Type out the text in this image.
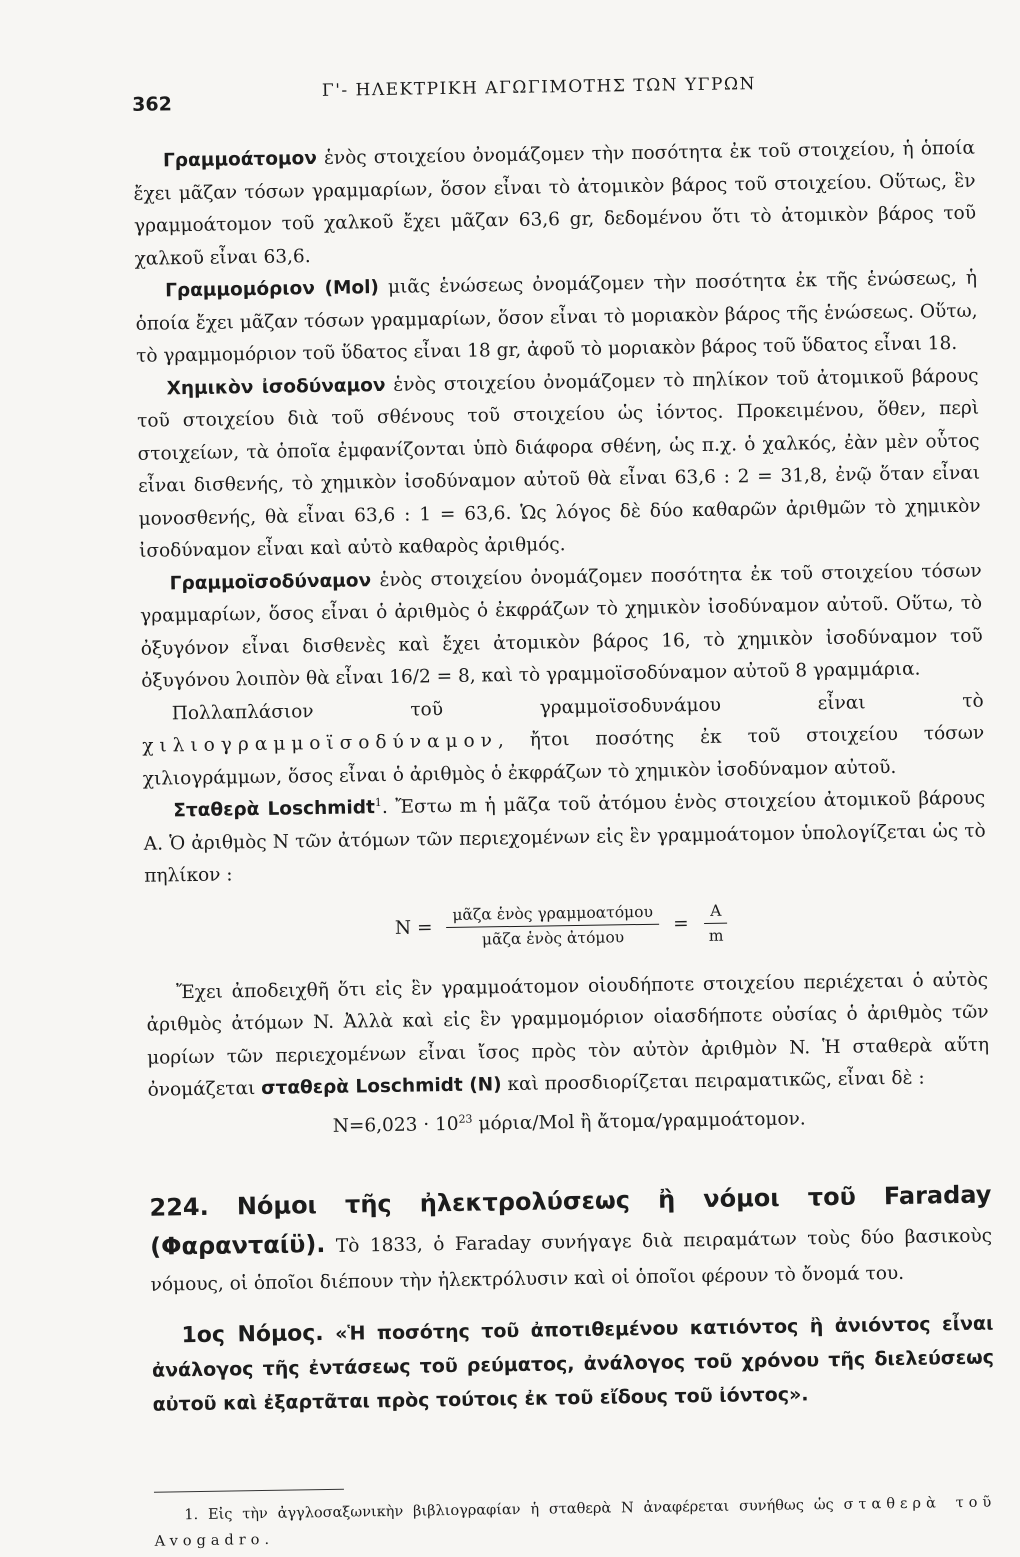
362
Γ'- ΗΛΕΚΤΡΙΚΗ ΑΓΩΓΙΜΟΤΗΣ ΤΩΝ ΥΓΡΩΝ

Γραμμοάτομον ἑνὸς στοιχείου ὀνομάζομεν τὴν ποσότητα ἐκ τοῦ στοιχείου, ἡ ὁποία ἔχει μᾶζαν τόσων γραμμαρίων, ὅσον εἶναι τὸ ἀτομικὸν βάρος τοῦ στοιχείου. Οὕτως, ἓν γραμμοάτομον τοῦ χαλκοῦ ἔχει μᾶζαν 63,6 gr, δεδομένου ὅτι τὸ ἀτομικὸν βάρος τοῦ χαλκοῦ εἶναι 63,6.

Γραμμομόριον (Mol) μιᾶς ἑνώσεως ὀνομάζομεν τὴν ποσότητα ἐκ τῆς ἑνώσεως, ἡ ὁποία ἔχει μᾶζαν τόσων γραμμαρίων, ὅσον εἶναι τὸ μοριακὸν βάρος τῆς ἑνώσεως. Οὕτω, τὸ γραμμομόριον τοῦ ὕδατος εἶναι 18 gr, ἀφοῦ τὸ μοριακὸν βάρος τοῦ ὕδατος εἶναι 18.

Χημικὸν ἰσοδύναμον ἑνὸς στοιχείου ὀνομάζομεν τὸ πηλίκον τοῦ ἀτομικοῦ βάρους τοῦ στοιχείου διὰ τοῦ σθένους τοῦ στοιχείου ὡς ἰόντος. Προκειμένου, ὅθεν, περὶ στοιχείων, τὰ ὁποῖα ἐμφανίζονται ὑπὸ διάφορα σθένη, ὡς π.χ. ὁ χαλκός, ἐὰν μὲν οὗτος εἶναι δισθενής, τὸ χημικὸν ἰσοδύναμον αὐτοῦ θὰ εἶναι 63,6 : 2 = 31,8, ἐνῷ ὅταν εἶναι μονοσθενής, θὰ εἶναι 63,6 : 1 = 63,6. Ὡς λόγος δὲ δύο καθαρῶν ἀριθμῶν τὸ χημικὸν ἰσοδύναμον εἶναι καὶ αὐτὸ καθαρὸς ἀριθμός.

Γραμμοϊσοδύναμον ἑνὸς στοιχείου ὀνομάζομεν ποσότητα ἐκ τοῦ στοιχείου τόσων γραμμαρίων, ὅσος εἶναι ὁ ἀριθμὸς ὁ ἐκφράζων τὸ χημικὸν ἰσοδύναμον αὐτοῦ. Οὕτω, τὸ ὀξυγόνον εἶναι δισθενὲς καὶ ἔχει ἀτομικὸν βάρος 16, τὸ χημικὸν ἰσοδύναμον τοῦ ὀξυγόνου λοιπὸν θὰ εἶναι 16/2 = 8, καὶ τὸ γραμμοϊσοδύναμον αὐτοῦ 8 γραμμάρια.

Πολλαπλάσιον τοῦ γραμμοϊσοδυνάμου εἶναι τὸ χιλιογραμμοϊσοδύναμον, ἤτοι ποσότης ἐκ τοῦ στοιχείου τόσων χιλιογράμμων, ὅσος εἶναι ὁ ἀριθμὸς ὁ ἐκφράζων τὸ χημικὸν ἰσοδύναμον αὐτοῦ.

Σταθερὰ Loschmidt$^1$. Ἔστω m ἡ μᾶζα τοῦ ἀτόμου ἑνὸς στοιχείου ἀτομικοῦ βάρους A. Ὁ ἀριθμὸς N τῶν ἀτόμων τῶν περιεχομένων εἰς ἓν γραμμοάτομον ὑπολογίζεται ὡς τὸ πηλίκον :

$N = \frac{\text{μᾶζα ἑνὸς γραμμοατόμου}}{\text{μᾶζα ἑνὸς ἀτόμου}} = \frac{A}{m}$

Ἔχει ἀποδειχθῆ ὅτι εἰς ἓν γραμμοάτομον οἱουδήποτε στοιχείου περιέχεται ὁ αὐτὸς ἀριθμὸς ἀτόμων N. Ἀλλὰ καὶ εἰς ἓν γραμμομόριον οἱασδήποτε οὐσίας ὁ ἀριθμὸς τῶν μορίων τῶν περιεχομένων εἶναι ἴσος πρὸς τὸν αὐτὸν ἀριθμὸν N. Ἡ σταθερὰ αὕτη ὀνομάζεται σταθερὰ Loschmidt (N) καὶ προσδιορίζεται πειραματικῶς, εἶναι δὲ :

$N=6,023 \cdot 10^{23}$ μόρια/Mol ἢ ἄτομα/γραμμοάτομον.

224. Νόμοι τῆς ἠλεκτρολύσεως ἢ νόμοι τοῦ Faraday (Φαρανταίϋ). Τὸ 1833, ὁ Faraday συνήγαγε διὰ πειραμάτων τοὺς δύο βασικοὺς νόμους, οἱ ὁποῖοι διέπουν τὴν ἠλεκτρόλυσιν καὶ οἱ ὁποῖοι φέρουν τὸ ὄνομά του.

1ος Νόμος. «Ἡ ποσότης τοῦ ἀποτιθεμένου κατιόντος ἢ ἀνιόντος εἶναι ἀνάλογος τῆς ἐντάσεως τοῦ ρεύματος, ἀνάλογος τοῦ χρόνου τῆς διελεύσεως αὐτοῦ καὶ ἐξαρτᾶται πρὸς τούτοις ἐκ τοῦ εἴδους τοῦ ἰόντος».

1. Εἰς τὴν ἀγγλοσαξωνικὴν βιβλιογραφίαν ἡ σταθερὰ N ἀναφέρεται συνήθως ὡς σταθερὰ τοῦ Avogadro.
